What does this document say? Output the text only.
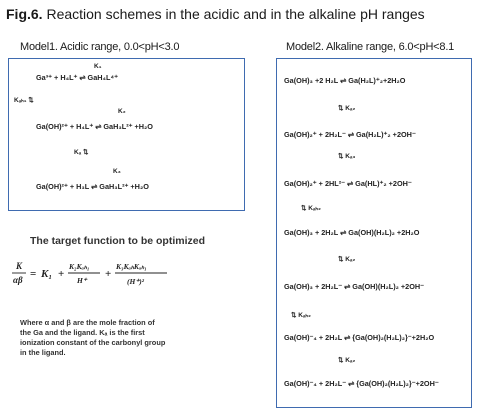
Fig.6. Reaction schemes in the acidic and in the alkaline pH ranges
Model1. Acidic range, 0.0<pH<3.0	Model2. Alkaline range, 6.0<pH<8.1
K₁
Ga³⁺ + H₄L⁺ ⇌ GaH₄L⁴⁺
Kₐₕ₁ ⇅
K₂
Ga(OH)²⁺ + H₄L⁺ ⇌ GaH₃L²⁺ +H₂O
Kₐ ⇅
K₃
Ga(OH)²⁺ + H₃L ⇌ GaH₃L²⁺ +H₂O
The target function to be optimized
K
αβ = K₁ +
K₂Kₐₕ₁
H⁺
+
K₃KₐₕKₐₕ₁
(H⁺)²
Where α and β are the mole fraction of
the Ga and the ligand. Kₐ is the first
ionization constant of the carbonyl group
in the ligand.
Ga(OH)₃ +2 H₂L ⇌ Ga(H₂L)⁺₂+2H₂O
⇅ Kₐ₂
Ga(OH)₂⁺ + 2H₂L⁻ ⇌ Ga(H₂L)⁺₂ +2OH⁻
⇅ Kₐ₃
Ga(OH)₂⁺ + 2HL²⁻ ⇌ Ga(HL)⁺₂ +2OH⁻
⇅ Kₐₕ₂
Ga(OH)₃ + 2H₂L ⇌ Ga(OH)(H₂L)₂ +2H₂O
⇅ Kₐ₂
Ga(OH)₃ + 2H₂L⁻ ⇌ Ga(OH)(H₂L)₂ +2OH⁻
⇅ Kₐₕ₂
Ga(OH)⁻₄ + 2H₂L ⇌ {Ga(OH)₂(H₂L)₂}⁻+2H₂O
⇅ Kₐ₂
Ga(OH)⁻₄ + 2H₂L⁻ ⇌ {Ga(OH)₂(H₂L)₂}⁻+2OH⁻
